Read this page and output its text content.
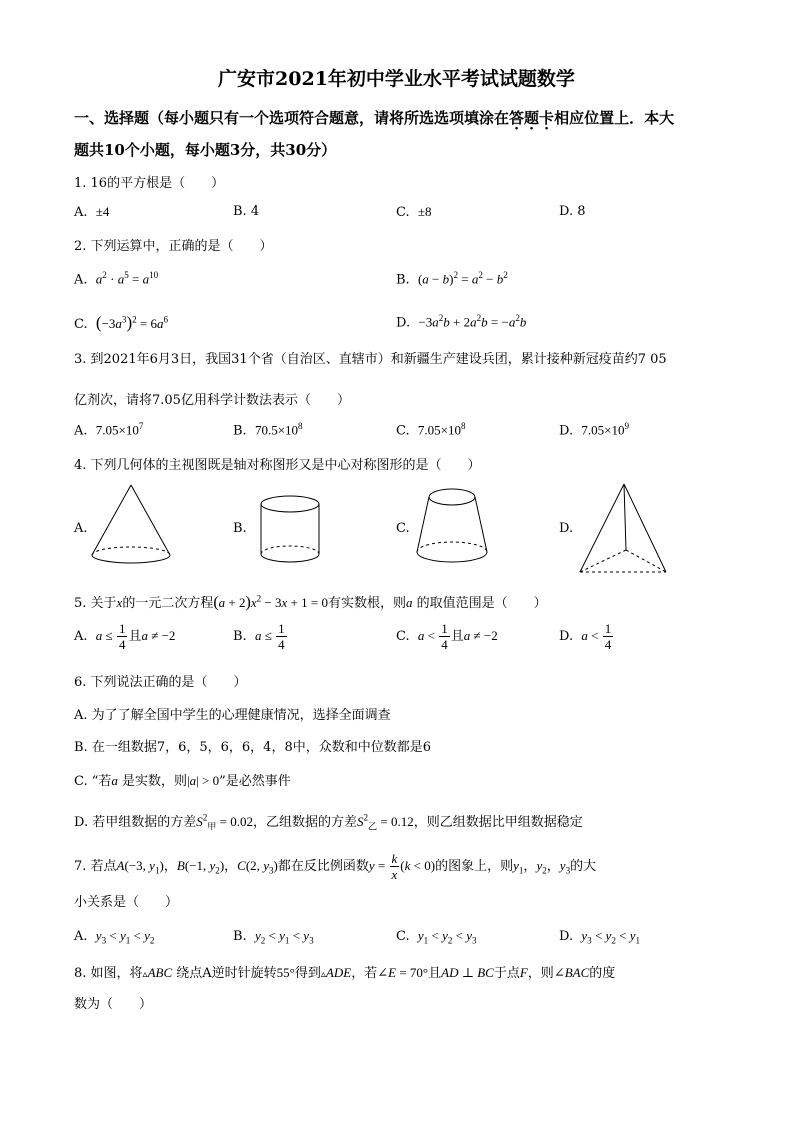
广安市2021年初中学业水平考试试题数学
一、选择题（每小题只有一个选项符合题意，请将所选选项填涂在答题卡相应位置上．本大
题共10个小题，每小题3分，共30分）
1. 16的平方根是（　　）
A. ±4	B. 4	C. ±8	D. 8
2. 下列运算中，正确的是（　　）
A. $a^2 \cdot a^5 = a^{10}$	B. $(a - b)^2 = a^2 - b^2$
C. $(-3a^3)^2 = 6a^6$	D. $-3a^2b + 2a^2b = -a^2b$
3. 到2021年6月3日，我国31个省（自治区、直辖市）和新疆生产建设兵团，累计接种新冠疫苗约7 05
亿剂次，请将7.05亿用科学计数法表示（　　）
A. $7.05\times 10^7$	B. $70.5\times 10^8$	C. $7.05\times 10^8$	D. $7.05\times 10^9$
4. 下列几何体的主视图既是轴对称图形又是中心对称图形的是（　　）
A.	B.	C.	D.
5. 关于x的一元二次方程$(a + 2)x^2 - 3x + 1 = 0$有实数根，则a 的取值范围是（　　）
A. $a \le \frac{1}{4}$ 且a ≠ −2	B. $a \le \frac{1}{4}$	C. $a < \frac{1}{4}$ 且a ≠ −2	D. $a < \frac{1}{4}$
6. 下列说法正确的是（　　）
A. 为了了解全国中学生的心理健康情况，选择全面调查
B. 在一组数据7，6，5，6，6，4，8中，众数和中位数都是6
C. “若a 是实数，则|a| > 0”是必然事件
D. 若甲组数据的方差$S^2_甲 = 0.02$，乙组数据的方差$S^2_乙 = 0.12$，则乙组数据比甲组数据稳定
7. 若点A(−3, $y_1$)，B(−1, $y_2$)，C(2, $y_3$)都在反比例函数$y = \frac{k}{x} (k < 0)$的图象上，则$y_1$，$y_2$，$y_3$的大
小关系是（　　）
A. $y_3 < y_1 < y_2$	B. $y_2 < y_1 < y_3$	C. $y_1 < y_2 < y_3$	D. $y_3 < y_2 < y_1$
8. 如图，将▵ABC 绕点A逆时针旋转55°得到▵ADE，若∠E = 70°且AD ⊥ BC于点F，则∠BAC的度
数为（　　）
